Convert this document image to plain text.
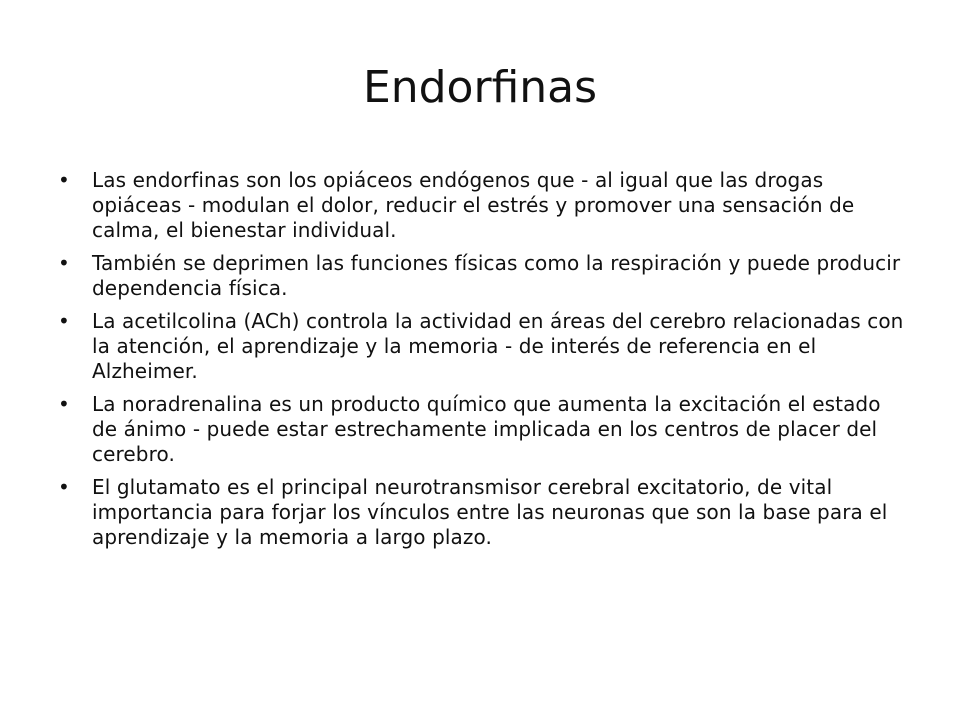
Endorfinas
•	Las endorfinas son los opiáceos endógenos que - al igual que las drogas opiáceas - modulan el dolor, reducir el estrés y promover una sensación de calma, el bienestar individual.
•	También se deprimen las funciones físicas como la respiración y puede producir dependencia física.
•	La acetilcolina (ACh) controla la actividad en áreas del cerebro relacionadas con la atención, el aprendizaje y la memoria - de interés de referencia en el Alzheimer.
•	La noradrenalina es un producto químico que aumenta la excitación el estado de ánimo - puede estar estrechamente implicada en los centros de placer del cerebro.
•	El glutamato es el principal neurotransmisor cerebral excitatorio, de vital importancia para forjar los vínculos entre las neuronas que son la base para el aprendizaje y la memoria a largo plazo.
